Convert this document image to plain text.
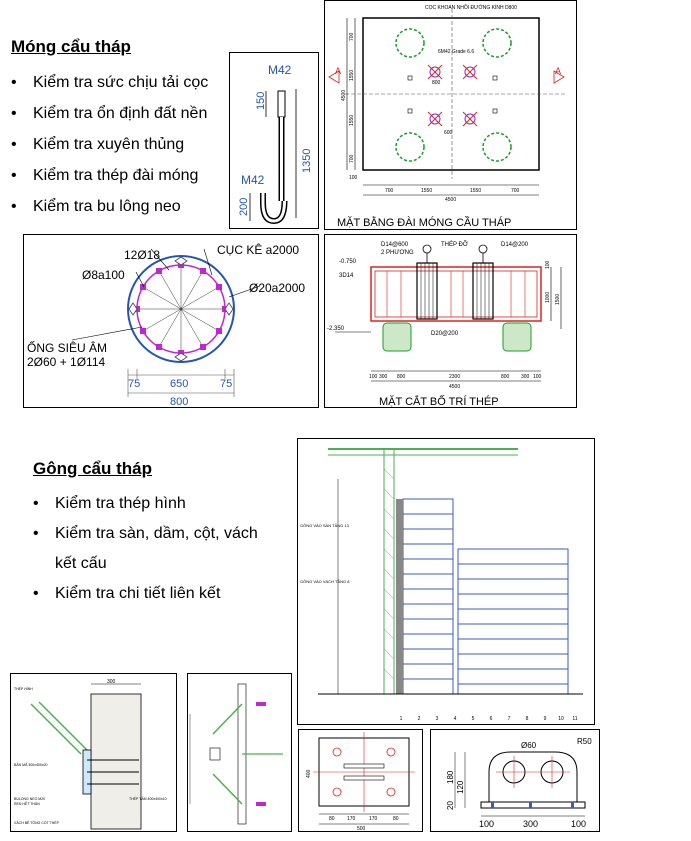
Móng cẩu tháp
• Kiểm tra sức chịu tải cọc
• Kiểm tra ổn định đất nền
• Kiểm tra xuyên thủng
• Kiểm tra thép đài móng
• Kiểm tra bu lông neo
M42
M42
150
1350
200
CỌC KHOAN NHỒI ĐƯỜNG KÍNH D800
6M42 Grade 6.6
A	A
700	1550	1550	700
4500
800
600
100
700
1550
1550
700
4500
MẶT BẰNG ĐÀI MÓNG CẦU THÁP
12Ø18	CỤC KÊ a2000
Ø8a100
Ø20a2000
ỐNG SIÊU ÂM
2Ø60 + 1Ø114
75	650	75
800
D14@600
2 PHƯƠNG
THÉP ĐỠ	D14@200
D20@200
-0.750
-2.350
3D14
100 300 800	2300	800 300 100
4500
1000 1500
100
MẶT CẮT BỐ TRÍ THÉP
Gông cẩu tháp
• Kiểm tra thép hình
• Kiểm tra sàn, dầm, cột, vách
kết cấu
• Kiểm tra chi tiết liên kết
GÔNG VÀO SÀN TẦNG 13
GÔNG VÀO VÁCH TẦNG 8
1	2	3	4	5	6	7	8	9 10 11
300
THÉP HÌNH
BẢN MÃ 300x400x20
BULONG NEO M20
REN HẾT THÂN
THÉP TẤM 400x400x10
VÁCH BÊ TÔNG CỐT THÉP
80 170	170	80
500
400
Ø60	R50
180
120
20
100	300	100
